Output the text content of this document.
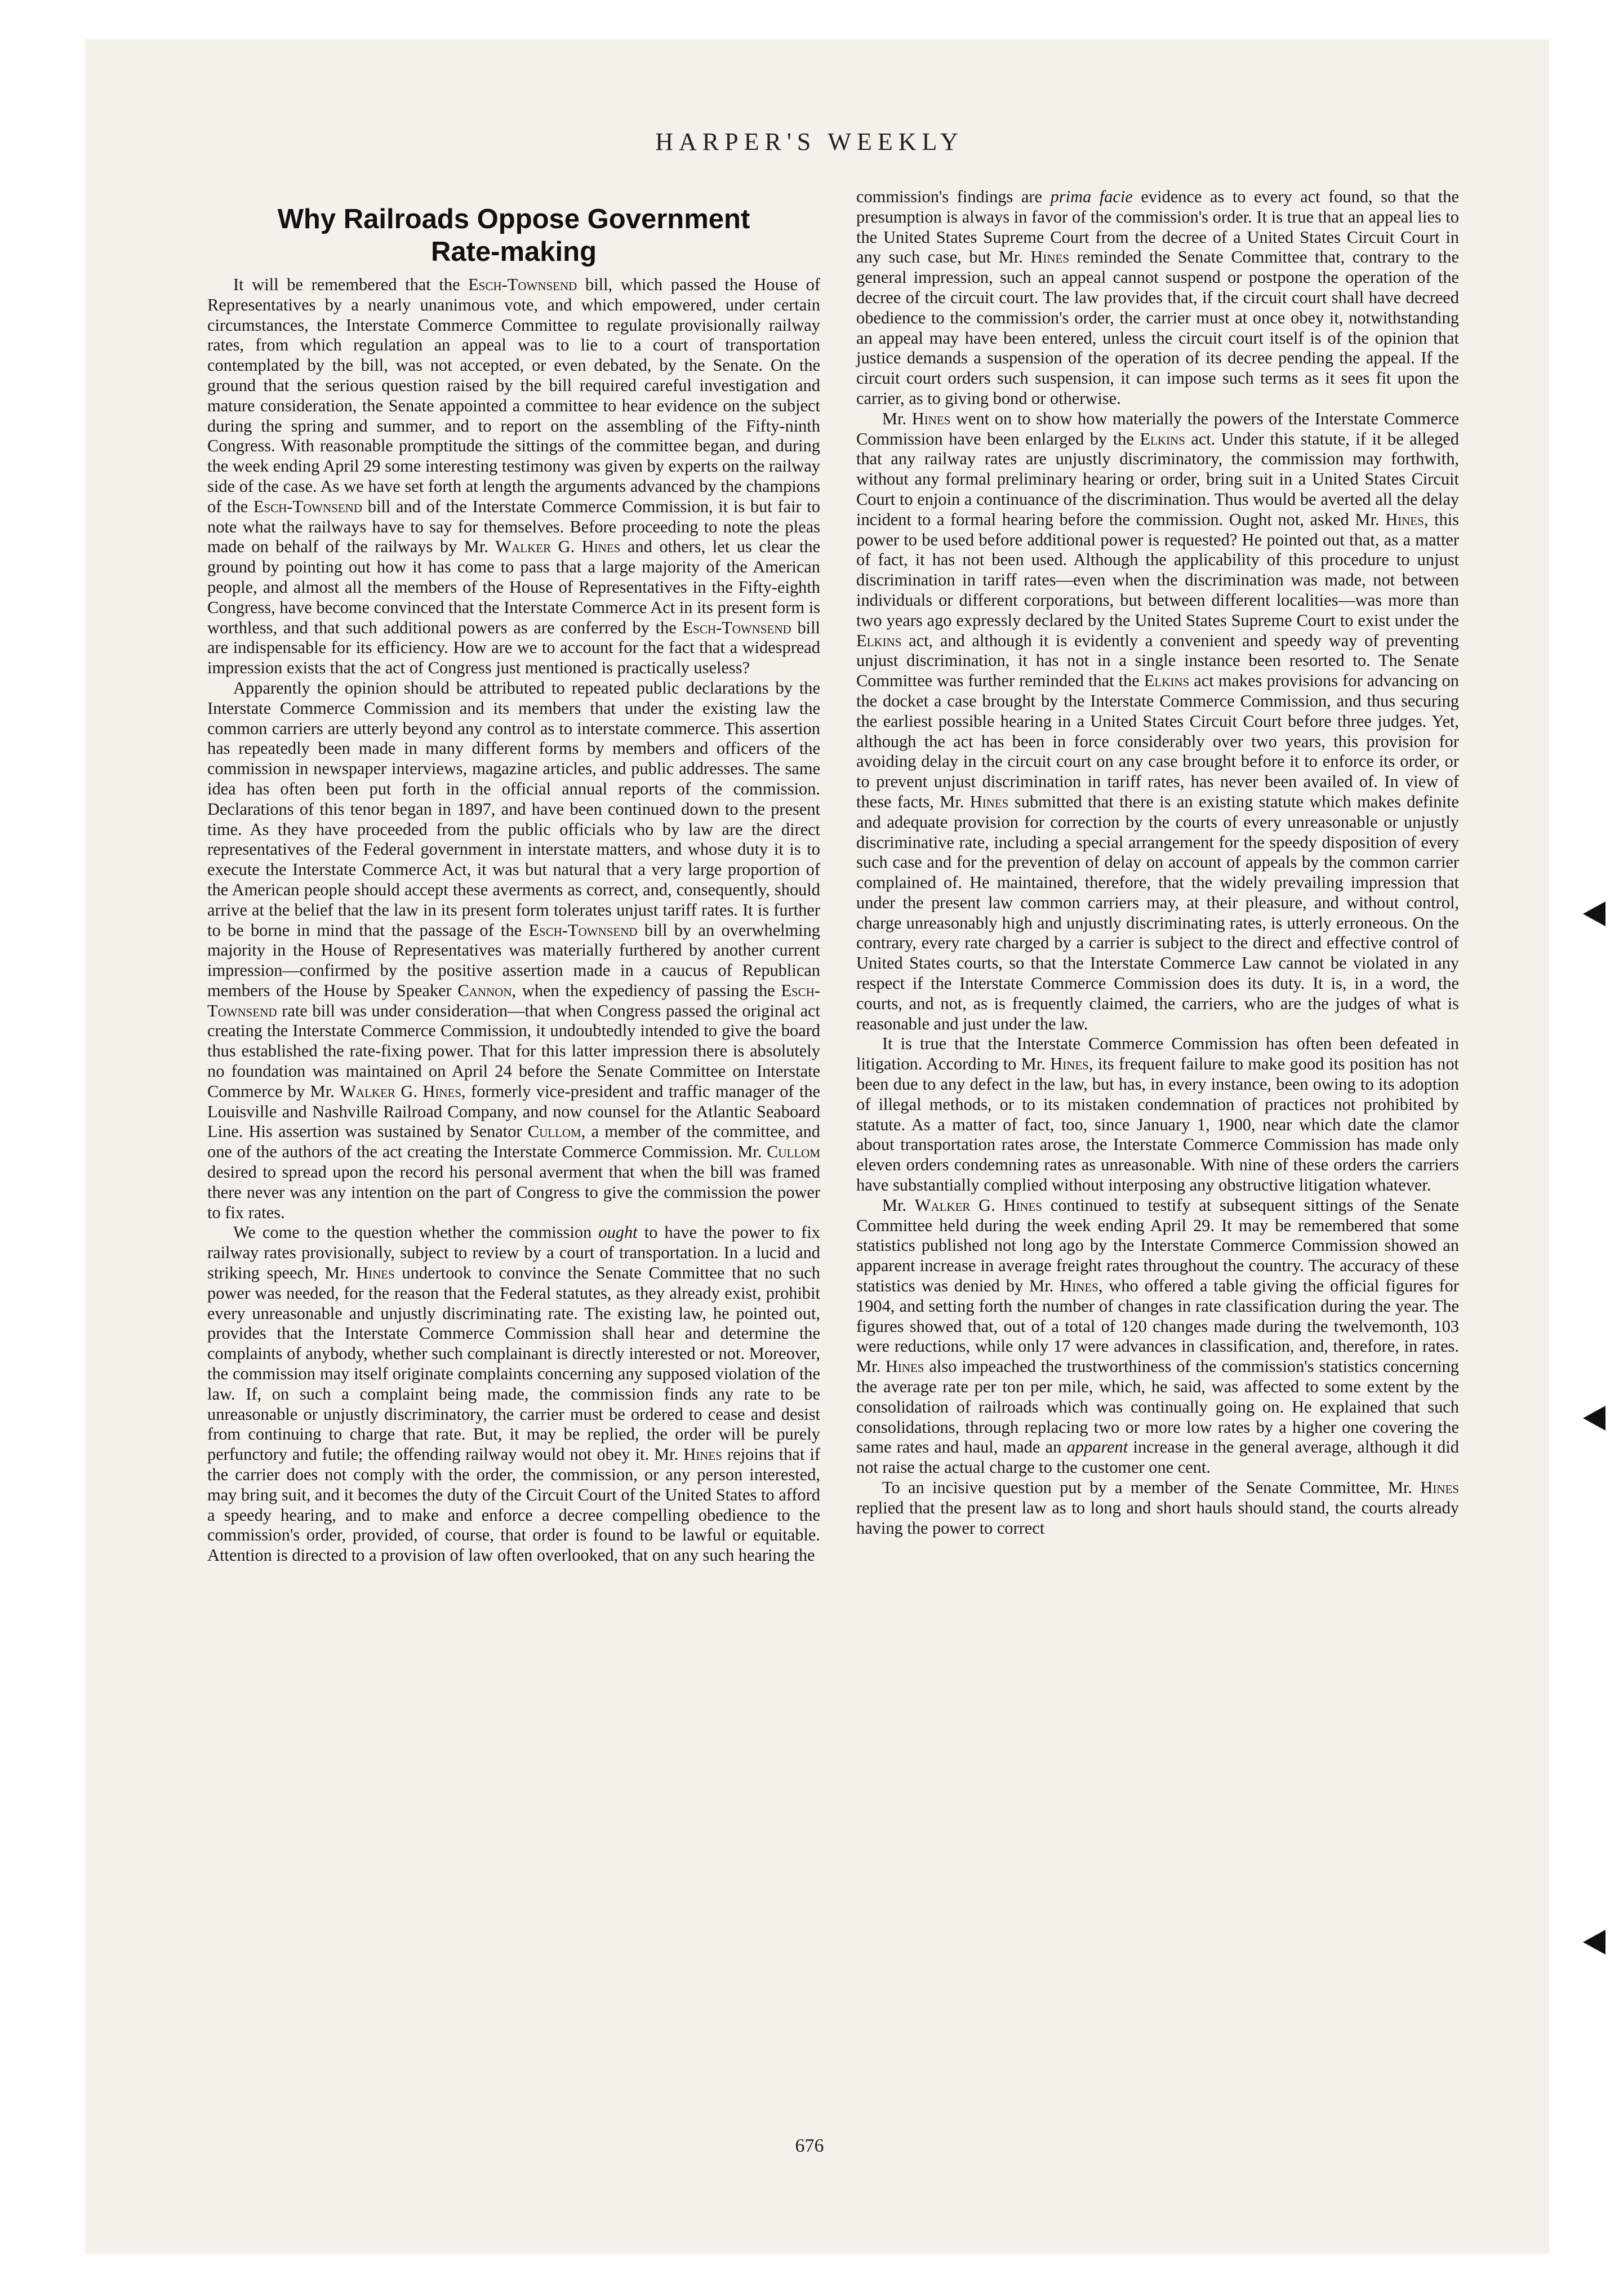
HARPER'S WEEKLY
Why Railroads Oppose Government
Rate-making

It will be remembered that the Esch-Townsend bill, which passed the House of Representatives by a nearly unanimous vote, and which empowered, under certain circumstances, the Interstate Commerce Committee to regulate provisionally railway rates, from which regulation an appeal was to lie to a court of transportation contemplated by the bill, was not accepted, or even debated, by the Senate. On the ground that the serious question raised by the bill required careful investigation and mature consideration, the Senate appointed a committee to hear evidence on the subject during the spring and summer, and to report on the assembling of the Fifty-ninth Congress. With reasonable promptitude the sittings of the committee began, and during the week ending April 29 some interesting testimony was given by experts on the railway side of the case. As we have set forth at length the arguments advanced by the champions of the Esch-Townsend bill and of the Interstate Commerce Commission, it is but fair to note what the railways have to say for themselves. Before proceeding to note the pleas made on behalf of the railways by Mr. Walker G. Hines and others, let us clear the ground by pointing out how it has come to pass that a large majority of the American people, and almost all the members of the House of Representatives in the Fifty-eighth Congress, have become convinced that the Interstate Commerce Act in its present form is worthless, and that such additional powers as are conferred by the Esch-Townsend bill are indispensable for its efficiency. How are we to account for the fact that a widespread impression exists that the act of Congress just mentioned is practically useless?

Apparently the opinion should be attributed to repeated public declarations by the Interstate Commerce Commission and its members that under the existing law the common carriers are utterly beyond any control as to interstate commerce. This assertion has repeatedly been made in many different forms by members and officers of the commission in newspaper interviews, magazine articles, and public addresses. The same idea has often been put forth in the official annual reports of the commission. Declarations of this tenor began in 1897, and have been continued down to the present time. As they have proceeded from the public officials who by law are the direct representatives of the Federal government in interstate matters, and whose duty it is to execute the Interstate Commerce Act, it was but natural that a very large proportion of the American people should accept these averments as correct, and, consequently, should arrive at the belief that the law in its present form tolerates unjust tariff rates. It is further to be borne in mind that the passage of the Esch-Townsend bill by an overwhelming majority in the House of Representatives was materially furthered by another current impression—confirmed by the positive assertion made in a caucus of Republican members of the House by Speaker Cannon, when the expediency of passing the Esch-Townsend rate bill was under consideration—that when Congress passed the original act creating the Interstate Commerce Commission, it undoubtedly intended to give the board thus established the rate-fixing power. That for this latter impression there is absolutely no foundation was maintained on April 24 before the Senate Committee on Interstate Commerce by Mr. Walker G. Hines, formerly vice-president and traffic manager of the Louisville and Nashville Railroad Company, and now counsel for the Atlantic Seaboard Line. His assertion was sustained by Senator Cullom, a member of the committee, and one of the authors of the act creating the Interstate Commerce Commission. Mr. Cullom desired to spread upon the record his personal averment that when the bill was framed there never was any intention on the part of Congress to give the commission the power to fix rates.

We come to the question whether the commission ought to have the power to fix railway rates provisionally, subject to review by a court of transportation. In a lucid and striking speech, Mr. Hines undertook to convince the Senate Committee that no such power was needed, for the reason that the Federal statutes, as they already exist, prohibit every unreasonable and unjustly discriminating rate. The existing law, he pointed out, provides that the Interstate Commerce Commission shall hear and determine the complaints of anybody, whether such complainant is directly interested or not. Moreover, the commission may itself originate complaints concerning any supposed violation of the law. If, on such a complaint being made, the commission finds any rate to be unreasonable or unjustly discriminatory, the carrier must be ordered to cease and desist from continuing to charge that rate. But, it may be replied, the order will be purely perfunctory and futile; the offending railway would not obey it. Mr. Hines rejoins that if the carrier does not comply with the order, the commission, or any person interested, may bring suit, and it becomes the duty of the Circuit Court of the United States to afford a speedy hearing, and to make and enforce a decree compelling obedience to the commission's order, provided, of course, that order is found to be lawful or equitable. Attention is directed to a provision of law often overlooked, that on any such hearing the

commission's findings are prima facie evidence as to every act found, so that the presumption is always in favor of the commission's order. It is true that an appeal lies to the United States Supreme Court from the decree of a United States Circuit Court in any such case, but Mr. Hines reminded the Senate Committee that, contrary to the general impression, such an appeal cannot suspend or postpone the operation of the decree of the circuit court. The law provides that, if the circuit court shall have decreed obedience to the commission's order, the carrier must at once obey it, notwithstanding an appeal may have been entered, unless the circuit court itself is of the opinion that justice demands a suspension of the operation of its decree pending the appeal. If the circuit court orders such suspension, it can impose such terms as it sees fit upon the carrier, as to giving bond or otherwise.

Mr. Hines went on to show how materially the powers of the Interstate Commerce Commission have been enlarged by the Elkins act. Under this statute, if it be alleged that any railway rates are unjustly discriminatory, the commission may forthwith, without any formal preliminary hearing or order, bring suit in a United States Circuit Court to enjoin a continuance of the discrimination. Thus would be averted all the delay incident to a formal hearing before the commission. Ought not, asked Mr. Hines, this power to be used before additional power is requested? He pointed out that, as a matter of fact, it has not been used. Although the applicability of this procedure to unjust discrimination in tariff rates—even when the discrimination was made, not between individuals or different corporations, but between different localities—was more than two years ago expressly declared by the United States Supreme Court to exist under the Elkins act, and although it is evidently a convenient and speedy way of preventing unjust discrimination, it has not in a single instance been resorted to. The Senate Committee was further reminded that the Elkins act makes provisions for advancing on the docket a case brought by the Interstate Commerce Commission, and thus securing the earliest possible hearing in a United States Circuit Court before three judges. Yet, although the act has been in force considerably over two years, this provision for avoiding delay in the circuit court on any case brought before it to enforce its order, or to prevent unjust discrimination in tariff rates, has never been availed of. In view of these facts, Mr. Hines submitted that there is an existing statute which makes definite and adequate provision for correction by the courts of every unreasonable or unjustly discriminative rate, including a special arrangement for the speedy disposition of every such case and for the prevention of delay on account of appeals by the common carrier complained of. He maintained, therefore, that the widely prevailing impression that under the present law common carriers may, at their pleasure, and without control, charge unreasonably high and unjustly discriminating rates, is utterly erroneous. On the contrary, every rate charged by a carrier is subject to the direct and effective control of United States courts, so that the Interstate Commerce Law cannot be violated in any respect if the Interstate Commerce Commission does its duty. It is, in a word, the courts, and not, as is frequently claimed, the carriers, who are the judges of what is reasonable and just under the law.

It is true that the Interstate Commerce Commission has often been defeated in litigation. According to Mr. Hines, its frequent failure to make good its position has not been due to any defect in the law, but has, in every instance, been owing to its adoption of illegal methods, or to its mistaken condemnation of practices not prohibited by statute. As a matter of fact, too, since January 1, 1900, near which date the clamor about transportation rates arose, the Interstate Commerce Commission has made only eleven orders condemning rates as unreasonable. With nine of these orders the carriers have substantially complied without interposing any obstructive litigation whatever.

Mr. Walker G. Hines continued to testify at subsequent sittings of the Senate Committee held during the week ending April 29. It may be remembered that some statistics published not long ago by the Interstate Commerce Commission showed an apparent increase in average freight rates throughout the country. The accuracy of these statistics was denied by Mr. Hines, who offered a table giving the official figures for 1904, and setting forth the number of changes in rate classification during the year. The figures showed that, out of a total of 120 changes made during the twelvemonth, 103 were reductions, while only 17 were advances in classification, and, therefore, in rates. Mr. Hines also impeached the trustworthiness of the commission's statistics concerning the average rate per ton per mile, which, he said, was affected to some extent by the consolidation of railroads which was continually going on. He explained that such consolidations, through replacing two or more low rates by a higher one covering the same rates and haul, made an apparent increase in the general average, although it did not raise the actual charge to the customer one cent.

To an incisive question put by a member of the Senate Committee, Mr. Hines replied that the present law as to long and short hauls should stand, the courts already having the power to correct

676
